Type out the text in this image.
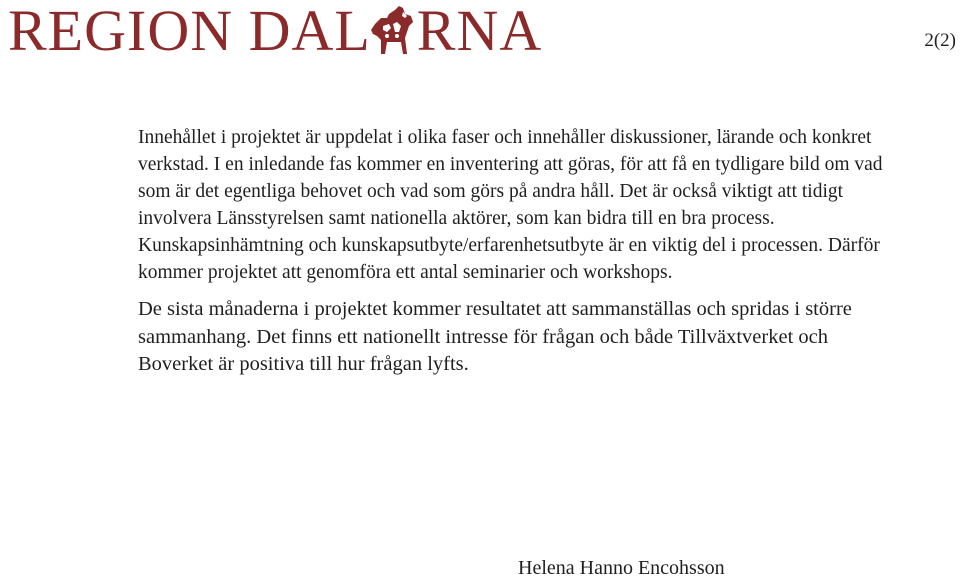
REGION DAL RNA	2(2)

Innehållet i projektet är uppdelat i olika faser och innehåller diskussioner, lärande och konkret verkstad. I en inledande fas kommer en inventering att göras, för att få en tydligare bild om vad som är det egentliga behovet och vad som görs på andra håll. Det är också viktigt att tidigt involvera Länsstyrelsen samt nationella aktörer, som kan bidra till en bra process. Kunskapsinhämtning och kunskapsutbyte/erfarenhetsutbyte är en viktig del i processen. Därför kommer projektet att genomföra ett antal seminarier och workshops.

De sista månaderna i projektet kommer resultatet att sammanställas och spridas i större sammanhang. Det finns ett nationellt intresse för frågan och både Tillväxtverket och Boverket är positiva till hur frågan lyfts.

Helena Hanno Encohsson
